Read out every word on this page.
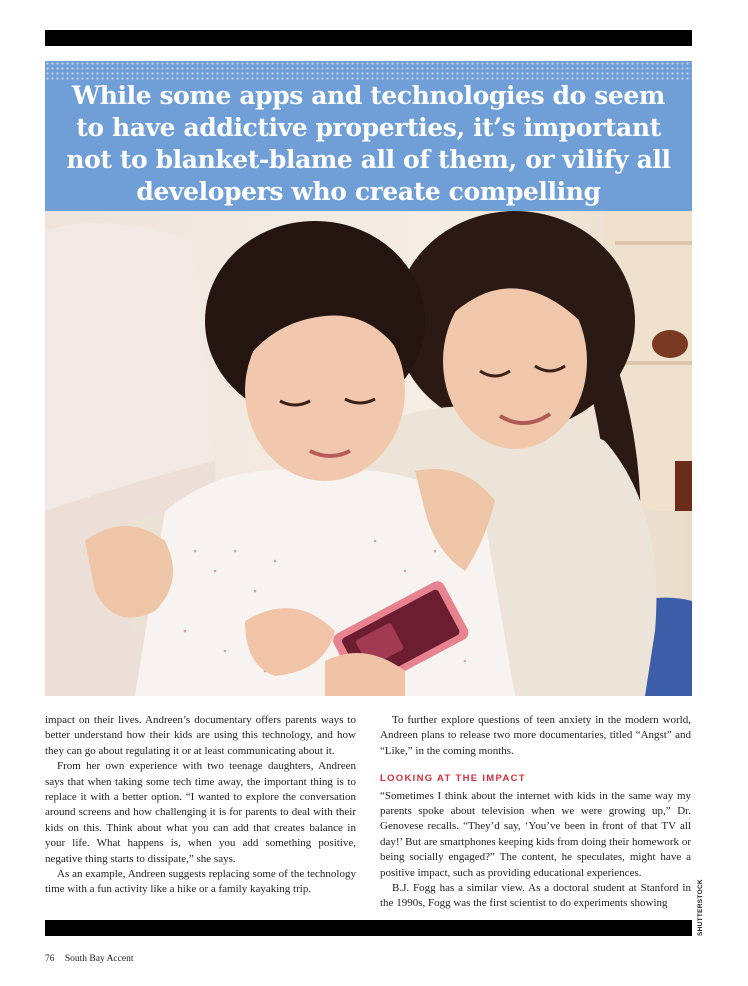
While some apps and technologies do seem to have addictive properties, it’s important not to blanket-blame all of them, or vilify all developers who create compelling

impact on their lives. Andreen’s documentary offers parents ways to better understand how their kids are using this technology, and how they can go about regulating it or at least communicating about it.

From her own experience with two teenage daughters, Andreen says that when taking some tech time away, the important thing is to replace it with a better option. “I wanted to explore the conversation around screens and how challenging it is for parents to deal with their kids on this. Think about what you can add that creates balance in your life. What happens is, when you add something positive, negative thing starts to dissipate,” she says.

As an example, Andreen suggests replacing some of the technology time with a fun activity like a hike or a family kayaking trip.

To further explore questions of teen anxiety in the modern world, Andreen plans to release two more documentaries, titled “Angst” and “Like,” in the coming months.

LOOKING AT THE IMPACT

“Sometimes I think about the internet with kids in the same way my parents spoke about television when we were growing up,” Dr. Genovese recalls. “They’d say, ‘You’ve been in front of that TV all day!’ But are smartphones keeping kids from doing their homework or being socially engaged?” The content, he speculates, might have a positive impact, such as providing educational experiences.

B.J. Fogg has a similar view. As a doctoral student at Stanford in the 1990s, Fogg was the first scientist to do experiments showing	SHUTTERSTOCK
76 South Bay Accent
